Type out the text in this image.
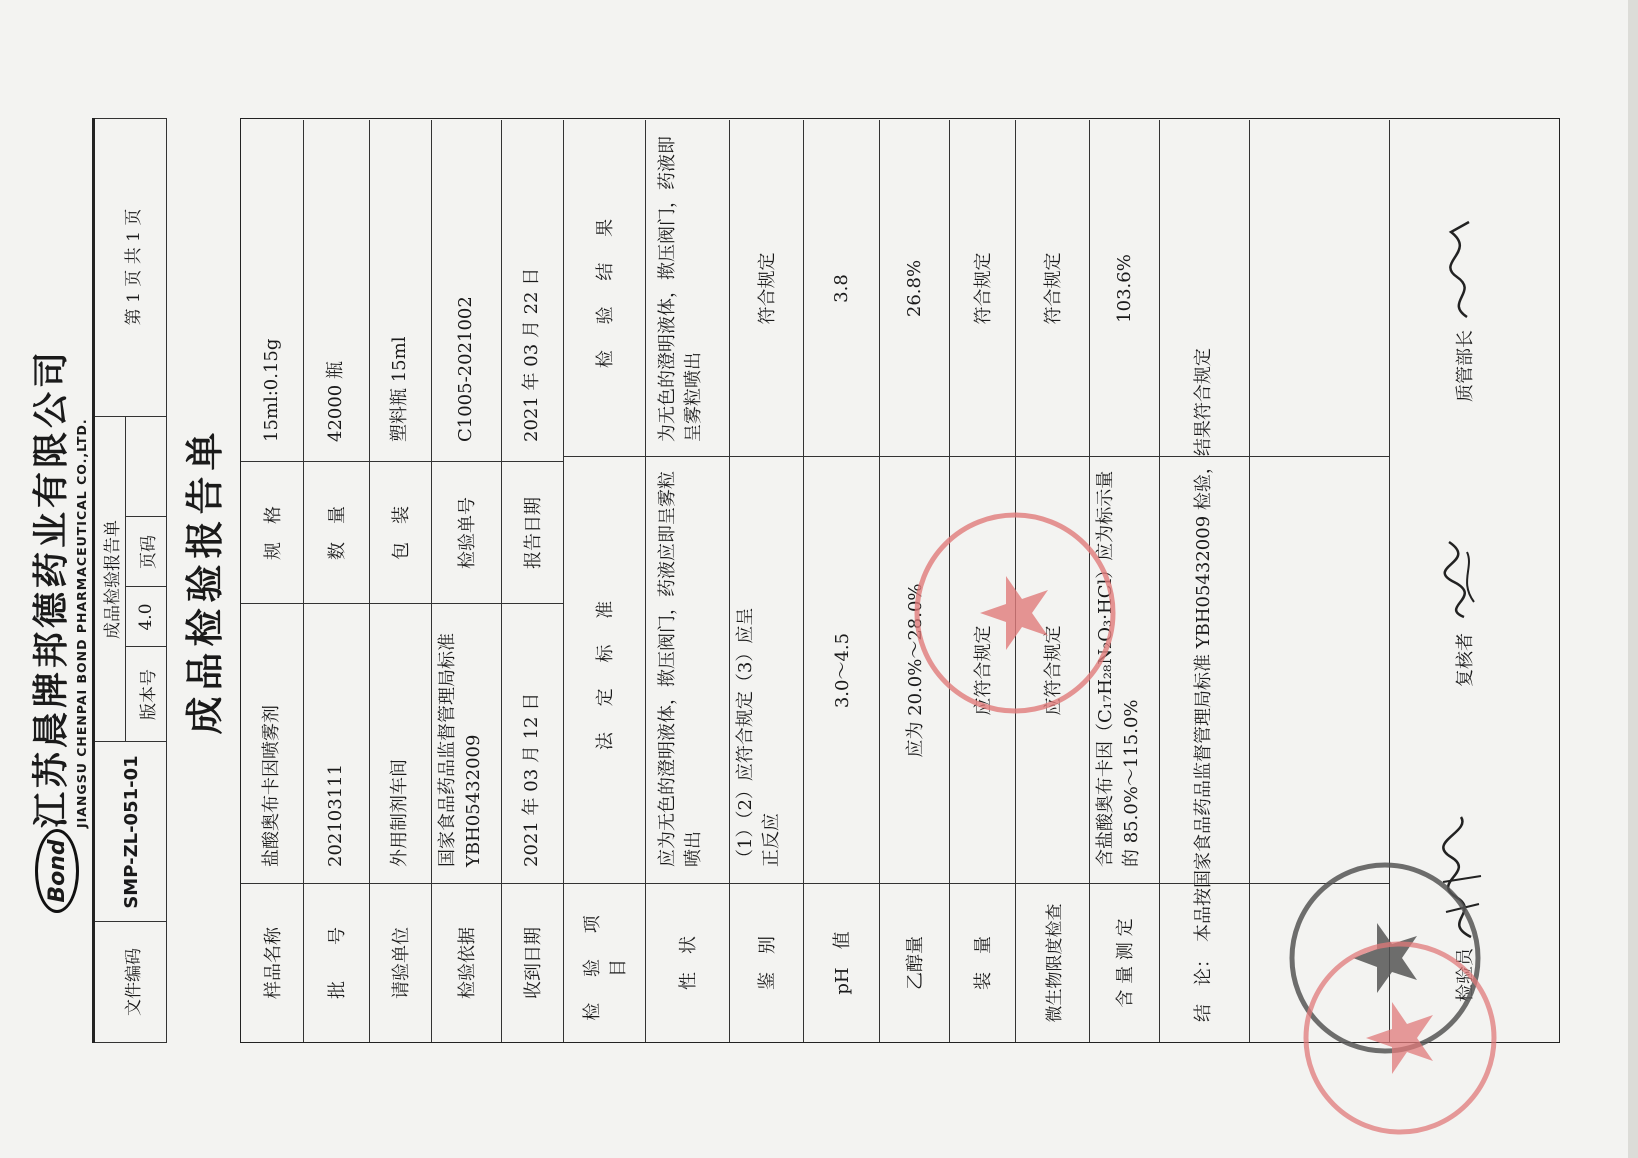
Bond
江苏晨牌邦德药业有限公司 JIANGSU CHENPAI BOND PHARMACEUTICAL CO.,LTD.
文件编码
SMP-ZL-051-01
成品检验报告单
版本号
4.0
页码
第 1 页 共 1 页
成品检验报告单
样品名称
盐酸奥布卡因喷雾剂
规　格
15ml:0.15g
批　　号
202103111
数　量
42000 瓶
请验单位
外用制剂车间
包　装
塑料瓶 15ml
检验依据
国家食品药品监督管理局标准 YBH05432009
检验单号
C1005-2021002
收到日期
2021 年 03 月 12 日
报告日期
2021 年 03 月 22 日
检 验 项 目
法 定 标 准
检 验 结 果
性　状
应为无色的澄明液体，揿压阀门，药液应即呈雾粒喷出
为无色的澄明液体，揿压阀门，药液即呈雾粒喷出
鉴　别
（1）（2）应符合规定（3）应呈正反应
符合规定
pH　值
3.0～4.5
3.8
乙醇量
应为 20.0%～28.0%
26.8%
装　量
应符合规定
符合规定
微生物限度检查
应符合规定
符合规定
含 量 测 定
含盐酸奥布卡因（C₁₇H₂₈N₂O₃·HCl）应为标示量的 85.0%～115.0%
103.6%
结　论：
本品按国家食品药品监督管理局标准 YBH05432009 检验，结果符合规定
检验员
复核者
质管部长
